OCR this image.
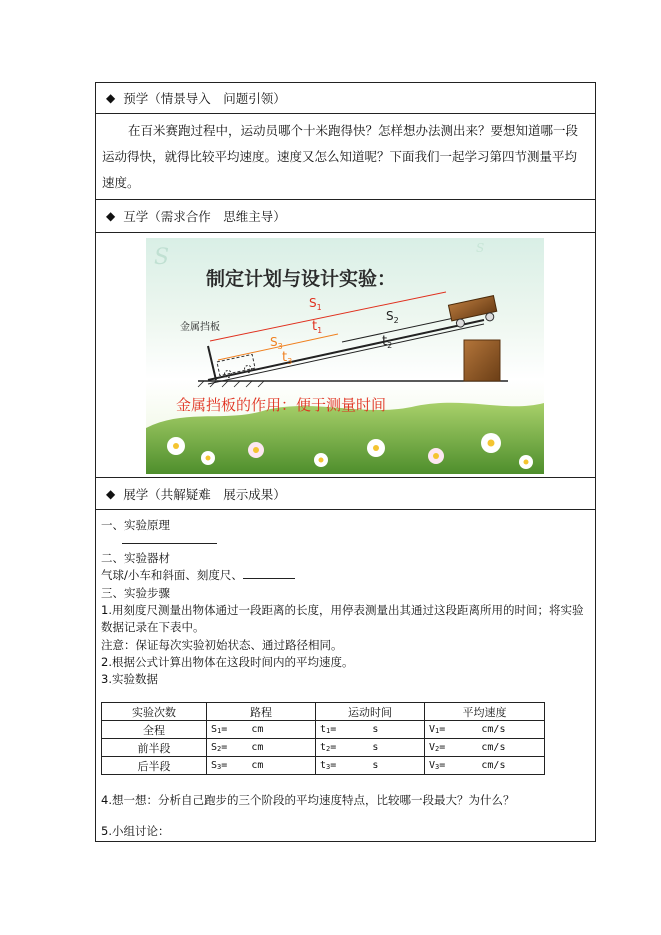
◆ 预学（情景导入　问题引领）

在百米赛跑过程中，运动员哪个十米跑得快？怎样想办法测出来？要想知道哪一段运动得快，就得比较平均速度。速度又怎么知道呢？下面我们一起学习第四节测量平均速度。

◆ 互学（需求合作　思维主导）
S	S
制定计划与设计实验：
金属挡板
$S_1$
$t_1$
$S_2$
$t_2$
$S_3$
$t_3$
金属挡板的作用：便于测量时间
◆ 展学（共解疑难　展示成果）
一、实验原理
二、实验器材
气球/小车和斜面、刻度尺、
三、实验步骤
1.用刻度尺测量出物体通过一段距离的长度，用停表测量出其通过这段距离所用的时间；将实验
数据记录在下表中。
注意：保证每次实验初始状态、通过路径相同。
2.根据公式计算出物体在这段时间内的平均速度。
3.实验数据
实验次数	路程	运动时间	平均速度
全程	S1=    cm	t1=      s	V1=      cm/s
前半段	S2=    cm	t2=      s	V2=      cm/s
后半段	S3=    cm	t3=      s	V3=      cm/s
4.想一想：分析自己跑步的三个阶段的平均速度特点，比较哪一段最大？为什么？
5.小组讨论：
